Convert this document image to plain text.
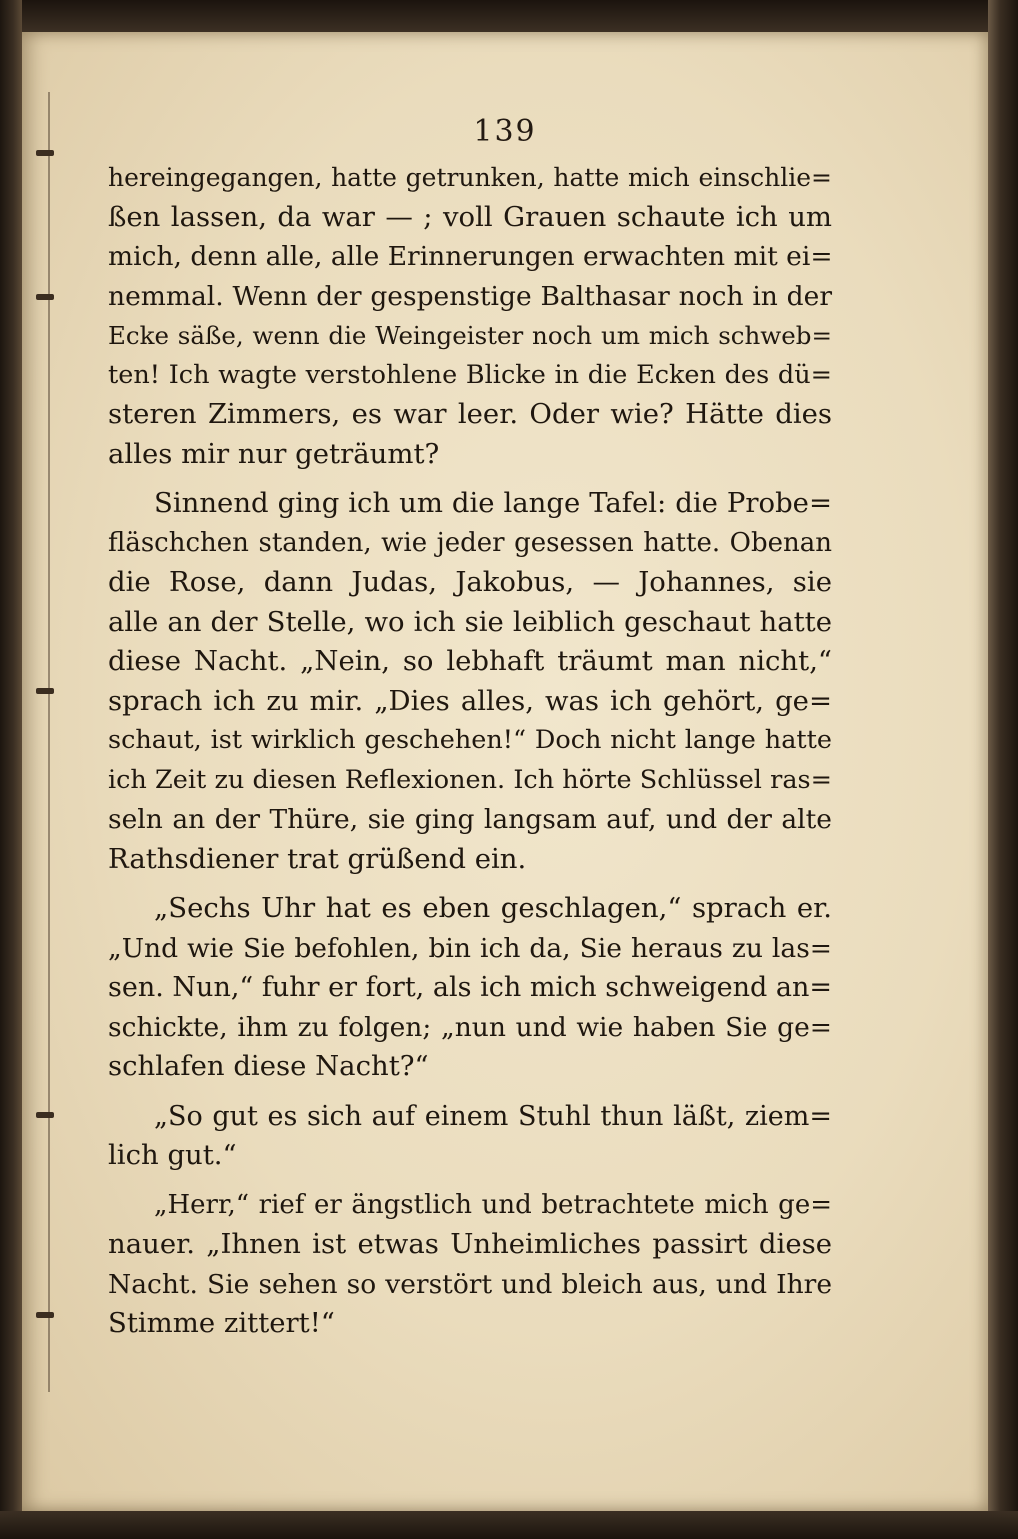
139
hereingegangen, hatte getrunken, hatte mich einschlie=
ßen lassen, da war — ; voll Grauen schaute ich um
mich, denn alle, alle Erinnerungen erwachten mit ei=
nemmal. Wenn der gespenstige Balthasar noch in der
Ecke säße, wenn die Weingeister noch um mich schweb=
ten! Ich wagte verstohlene Blicke in die Ecken des dü=
steren Zimmers, es war leer. Oder wie? Hätte dies
alles mir nur geträumt?
Sinnend ging ich um die lange Tafel: die Probe=
fläschchen standen, wie jeder gesessen hatte. Obenan
die Rose, dann Judas, Jakobus, — Johannes, sie
alle an der Stelle, wo ich sie leiblich geschaut hatte
diese Nacht. „Nein, so lebhaft träumt man nicht,“
sprach ich zu mir. „Dies alles, was ich gehört, ge=
schaut, ist wirklich geschehen!“ Doch nicht lange hatte
ich Zeit zu diesen Reflexionen. Ich hörte Schlüssel ras=
seln an der Thüre, sie ging langsam auf, und der alte
Rathsdiener trat grüßend ein.
„Sechs Uhr hat es eben geschlagen,“ sprach er.
„Und wie Sie befohlen, bin ich da, Sie heraus zu las=
sen. Nun,“ fuhr er fort, als ich mich schweigend an=
schickte, ihm zu folgen; „nun und wie haben Sie ge=
schlafen diese Nacht?“
„So gut es sich auf einem Stuhl thun läßt, ziem=
lich gut.“
„Herr,“ rief er ängstlich und betrachtete mich ge=
nauer. „Ihnen ist etwas Unheimliches passirt diese
Nacht. Sie sehen so verstört und bleich aus, und Ihre
Stimme zittert!“
